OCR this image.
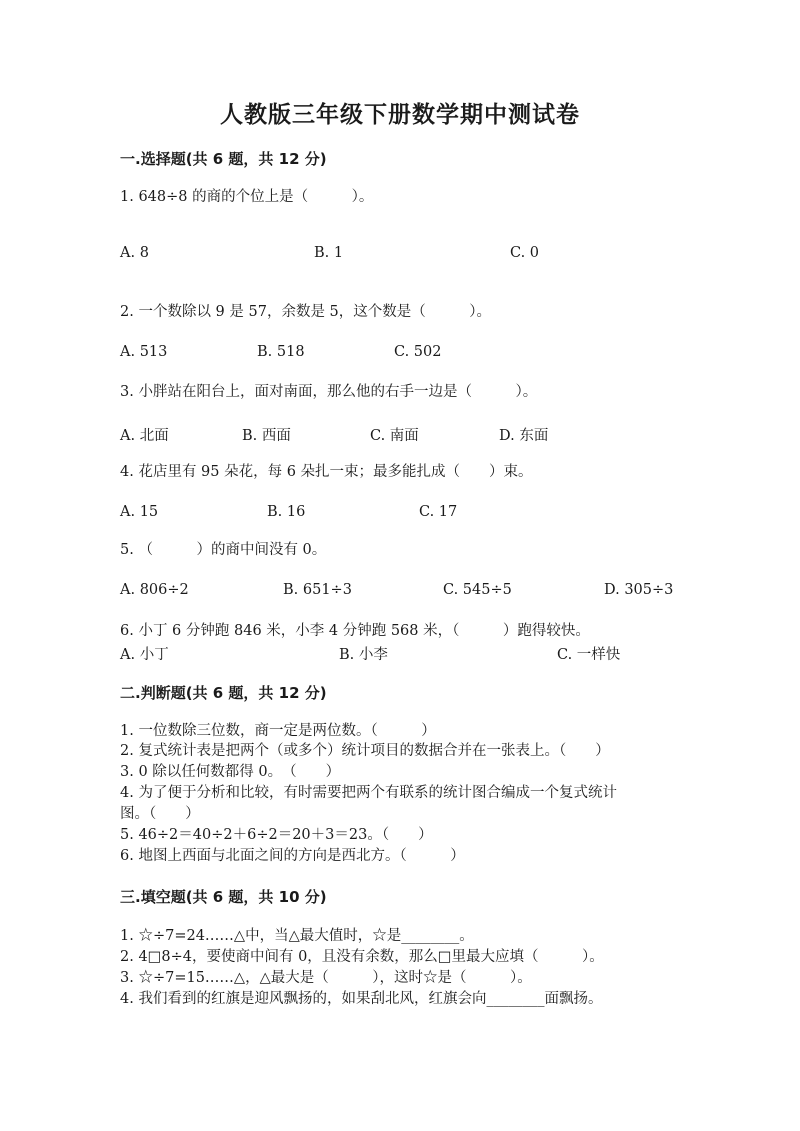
人教版三年级下册数学期中测试卷
一.选择题(共 6 题，共 12 分)
1. 648÷8 的商的个位上是（　　　）。
A. 8	B. 1	C. 0
2. 一个数除以 9 是 57，余数是 5，这个数是（　　　）。
A. 513	B. 518	C. 502
3. 小胖站在阳台上，面对南面，那么他的右手一边是（　　　）。
A. 北面	B. 西面	C. 南面	D. 东面
4. 花店里有 95 朵花，每 6 朵扎一束；最多能扎成（　　）束。
A. 15	B. 16	C. 17
5. （　　　）的商中间没有 0。
A. 806÷2	B. 651÷3	C. 545÷5	D. 305÷3
6. 小丁 6 分钟跑 846 米，小李 4 分钟跑 568 米，（　　　）跑得较快。
A. 小丁	B. 小李	C. 一样快
二.判断题(共 6 题，共 12 分)
1. 一位数除三位数，商一定是两位数。（　　　）
2. 复式统计表是把两个（或多个）统计项目的数据合并在一张表上。（　　）
3. 0 除以任何数都得 0。　（　　）
4. 为了便于分析和比较，有时需要把两个有联系的统计图合编成一个复式统计
图。（　　）
5. 46÷2＝40÷2＋6÷2＝20＋3＝23。（　　）
6. 地图上西面与北面之间的方向是西北方。（　　　）
三.填空题(共 6 题，共 10 分)
1. ☆÷7=24……△中，当△最大值时，☆是________。
2. 4□8÷4，要使商中间有 0，且没有余数，那么□里最大应填（　　　）。
3. ☆÷7=15……△，△最大是（　　　），这时☆是（　　　）。
4. 我们看到的红旗是迎风飘扬的，如果刮北风，红旗会向________面飘扬。
